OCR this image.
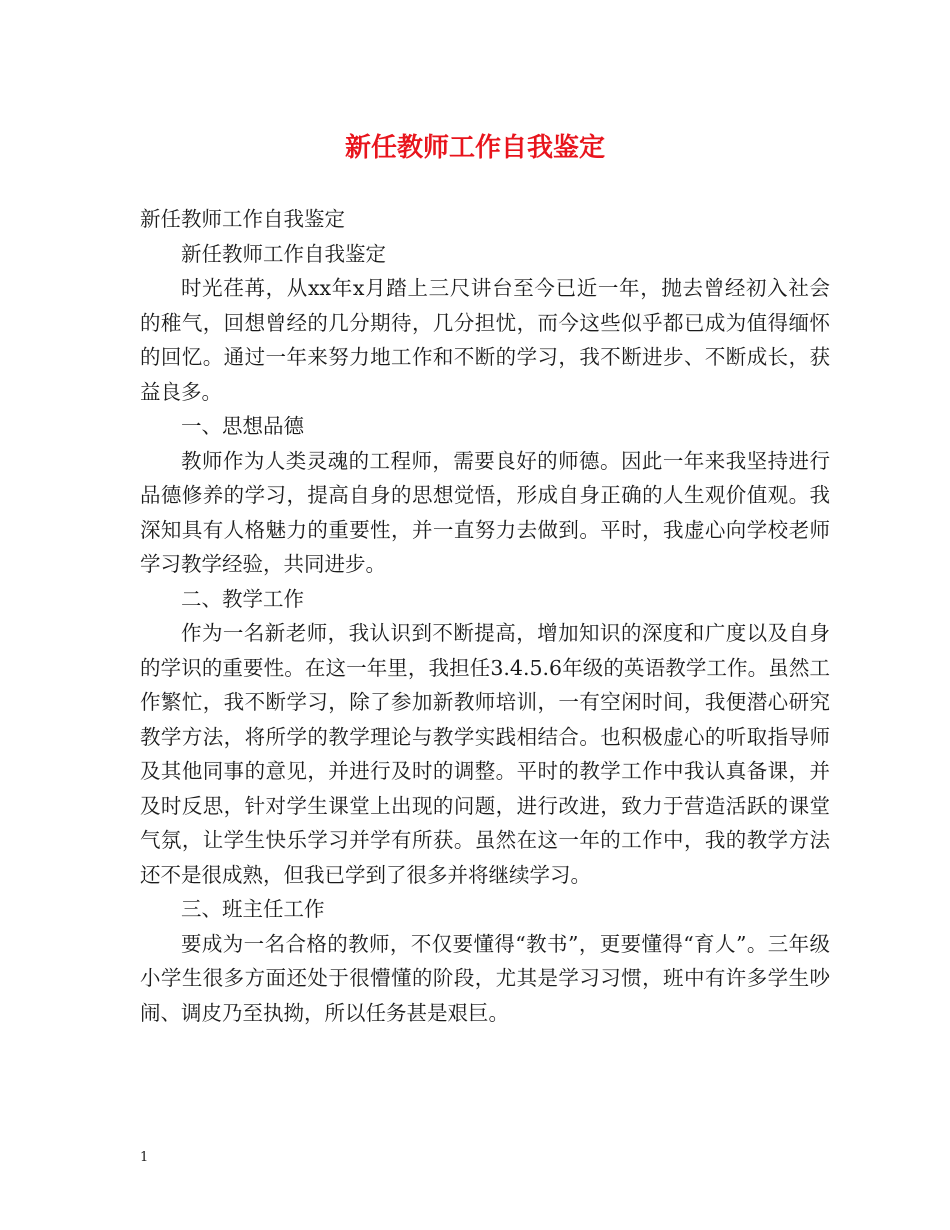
新任教师工作自我鉴定

新任教师工作自我鉴定

新任教师工作自我鉴定

时光荏苒，从xx年x月踏上三尺讲台至今已近一年，抛去曾经初入社会的稚气，回想曾经的几分期待，几分担忧，而今这些似乎都已成为值得缅怀的回忆。通过一年来努力地工作和不断的学习，我不断进步、不断成长，获益良多。

一、思想品德

教师作为人类灵魂的工程师，需要良好的师德。因此一年来我坚持进行品德修养的学习，提高自身的思想觉悟，形成自身正确的人生观价值观。我深知具有人格魅力的重要性，并一直努力去做到。平时，我虚心向学校老师学习教学经验，共同进步。

二、教学工作

作为一名新老师，我认识到不断提高，增加知识的深度和广度以及自身的学识的重要性。在这一年里，我担任3.4.5.6年级的英语教学工作。虽然工作繁忙，我不断学习，除了参加新教师培训，一有空闲时间，我便潜心研究教学方法，将所学的教学理论与教学实践相结合。也积极虚心的听取指导师及其他同事的意见，并进行及时的调整。平时的教学工作中我认真备课，并及时反思，针对学生课堂上出现的问题，进行改进，致力于营造活跃的课堂气氛，让学生快乐学习并学有所获。虽然在这一年的工作中，我的教学方法还不是很成熟，但我已学到了很多并将继续学习。

三、班主任工作

要成为一名合格的教师，不仅要懂得“教书”，更要懂得“育人”。三年级小学生很多方面还处于很懵懂的阶段，尤其是学习习惯，班中有许多学生吵闹、调皮乃至执拗，所以任务甚是艰巨。

1
